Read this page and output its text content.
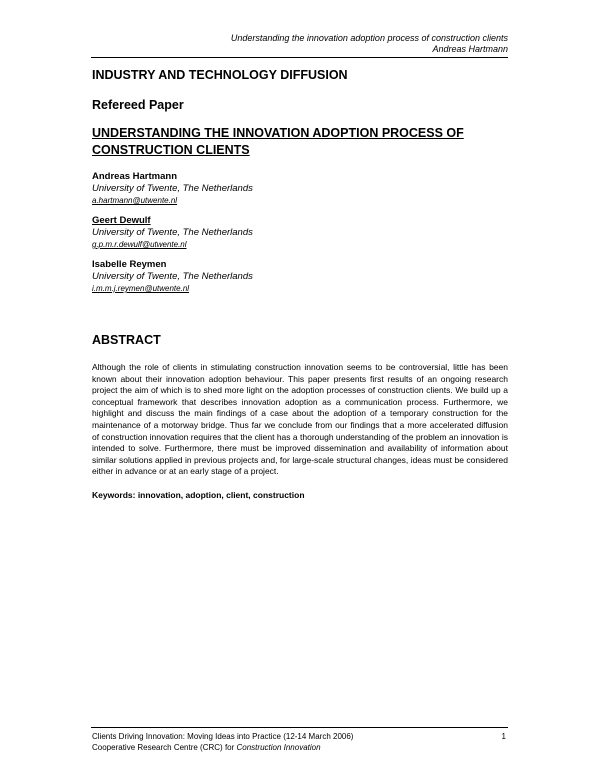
Understanding the innovation adoption process of construction clients
Andreas Hartmann
INDUSTRY AND TECHNOLOGY DIFFUSION
Refereed Paper
UNDERSTANDING THE INNOVATION ADOPTION PROCESS OF CONSTRUCTION CLIENTS
Andreas Hartmann
University of Twente, The Netherlands
a.hartmann@utwente.nl
Geert Dewulf
University of Twente, The Netherlands
g.p.m.r.dewulf@utwente.nl
Isabelle Reymen
University of Twente, The Netherlands
i.m.m.j.reymen@utwente.nl
ABSTRACT

Although the role of clients in stimulating construction innovation seems to be controversial, little has been known about their innovation adoption behaviour. This paper presents first results of an ongoing research project the aim of which is to shed more light on the adoption processes of construction clients. We build up a conceptual framework that describes innovation adoption as a communication process. Furthermore, we highlight and discuss the main findings of a case about the adoption of a temporary construction for the maintenance of a motorway bridge. Thus far we conclude from our findings that a more accelerated diffusion of construction innovation requires that the client has a thorough understanding of the problem an innovation is intended to solve. Furthermore, there must be improved dissemination and availability of information about similar solutions applied in previous projects and, for large-scale structural changes, ideas must be considered either in advance or at an early stage of a project.

Keywords: innovation, adoption, client, construction

Clients Driving Innovation: Moving Ideas into Practice (12-14 March 2006)	1
Cooperative Research Centre (CRC) for Construction Innovation
